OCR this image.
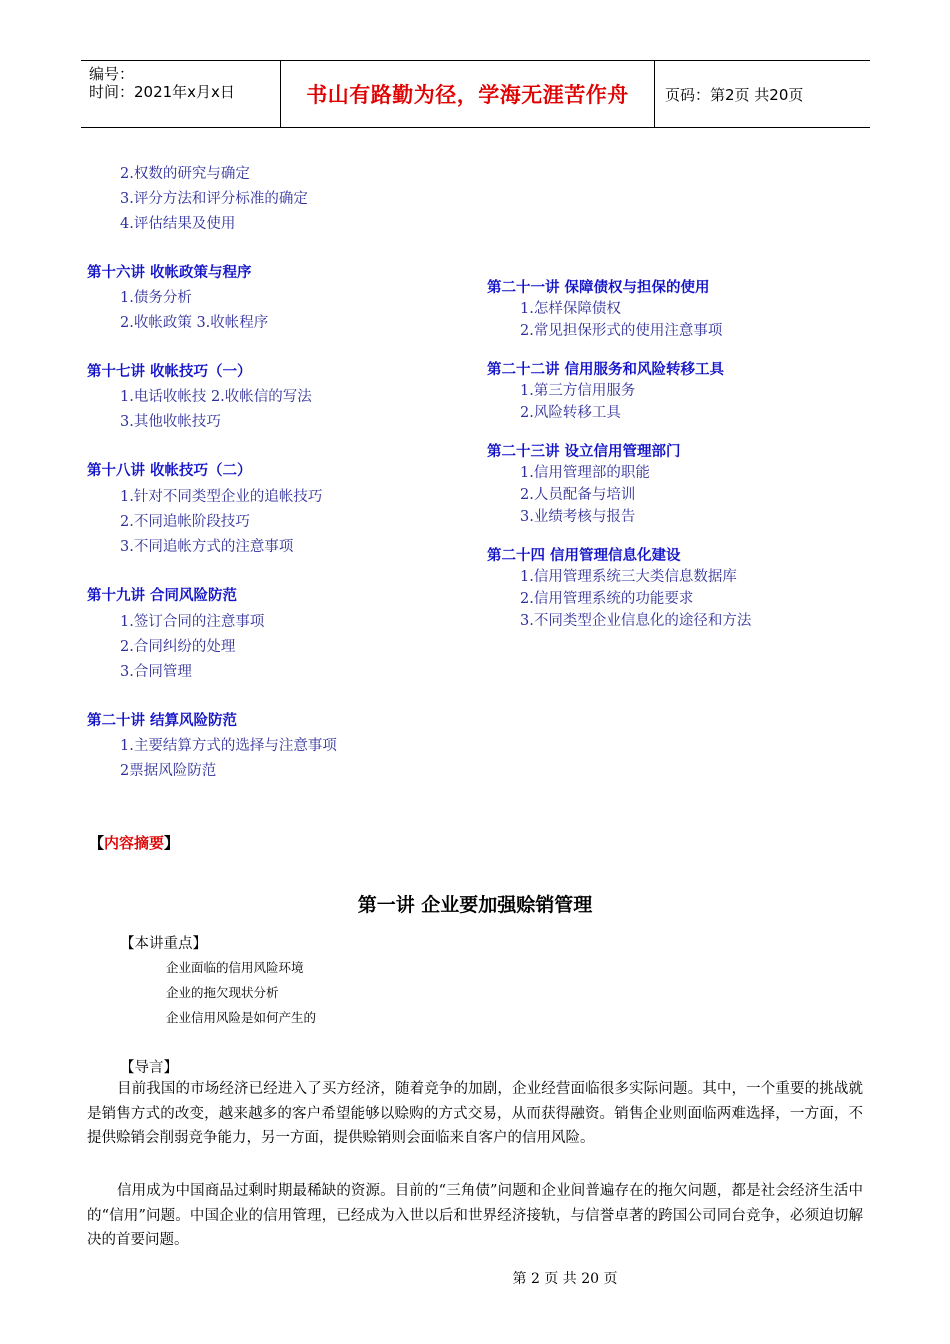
编号：
时间：2021年x月x日	书山有路勤为径，学海无涯苦作舟	页码：第2页 共20页
2.权数的研究与确定
3.评分方法和评分标准的确定
4.评估结果及使用
第十六讲 收帐政策与程序
1.债务分析
2.收帐政策 3.收帐程序
第十七讲 收帐技巧（一）
1.电话收帐技 2.收帐信的写法
3.其他收帐技巧
第十八讲 收帐技巧（二）
1.针对不同类型企业的追帐技巧
2.不同追帐阶段技巧
3.不同追帐方式的注意事项
第十九讲 合同风险防范
1.签订合同的注意事项
2.合同纠纷的处理
3.合同管理
第二十讲 结算风险防范
1.主要结算方式的选择与注意事项
2票据风险防范
第二十一讲 保障债权与担保的使用
1.怎样保障债权
2.常见担保形式的使用注意事项
第二十二讲 信用服务和风险转移工具
1.第三方信用服务
2.风险转移工具
第二十三讲 设立信用管理部门
1.信用管理部的职能
2.人员配备与培训
3.业绩考核与报告
第二十四 信用管理信息化建设
1.信用管理系统三大类信息数据库
2.信用管理系统的功能要求
3.不同类型企业信息化的途径和方法
【内容摘要】
第一讲 企业要加强赊销管理
【本讲重点】
企业面临的信用风险环境
企业的拖欠现状分析
企业信用风险是如何产生的
【导言】

目前我国的市场经济已经进入了买方经济，随着竞争的加剧，企业经营面临很多实际问题。其中，一个重要的挑战就是销售方式的改变，越来越多的客户希望能够以赊购的方式交易，从而获得融资。销售企业则面临两难选择，一方面，不提供赊销会削弱竞争能力，另一方面，提供赊销则会面临来自客户的信用风险。

信用成为中国商品过剩时期最稀缺的资源。目前的“三角债”问题和企业间普遍存在的拖欠问题，都是社会经济生活中的“信用”问题。中国企业的信用管理，已经成为入世以后和世界经济接轨，与信誉卓著的跨国公司同台竞争，必须迫切解决的首要问题。

第 2 页 共 20 页
